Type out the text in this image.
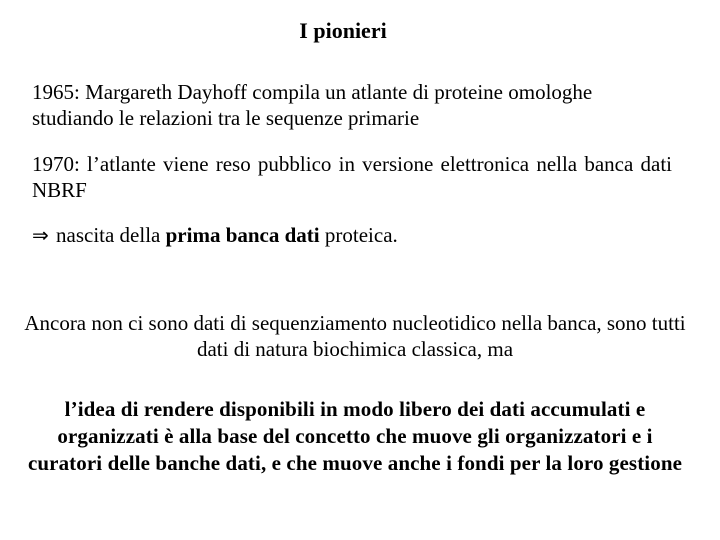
I pionieri
1965: Margareth Dayhoff compila un atlante di proteine omologhe studiando le relazioni tra le sequenze primarie
1970: l’atlante viene reso pubblico in versione elettronica nella banca dati NBRF
⇒ nascita della prima banca dati proteica.
Ancora non ci sono dati di sequenziamento nucleotidico nella banca, sono tutti dati di natura biochimica classica, ma
l’idea di rendere disponibili in modo libero dei dati accumulati e organizzati è alla base del concetto che muove gli organizzatori e i curatori delle banche dati, e che muove anche i fondi per la loro gestione
